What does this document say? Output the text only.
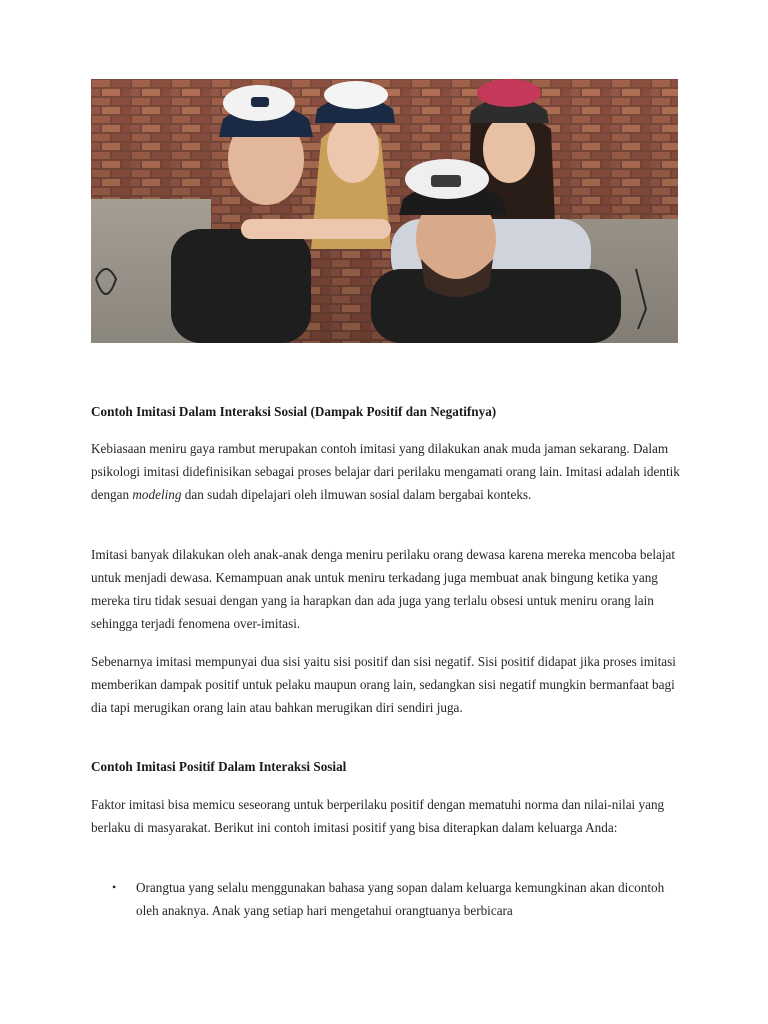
Contoh Imitasi Dalam Interaksi Sosial (Dampak Positif dan Negatifnya)

Kebiasaan meniru gaya rambut merupakan contoh imitasi yang dilakukan anak muda jaman sekarang. Dalam psikologi imitasi didefinisikan sebagai proses belajar dari perilaku mengamati orang lain. Imitasi adalah identik dengan modeling dan sudah dipelajari oleh ilmuwan sosial dalam bergabai konteks.

Imitasi banyak dilakukan oleh anak-anak denga meniru perilaku orang dewasa karena mereka mencoba belajat untuk menjadi dewasa. Kemampuan anak untuk meniru terkadang juga membuat anak bingung ketika yang mereka tiru tidak sesuai dengan yang ia harapkan dan ada juga yang terlalu obsesi untuk meniru orang lain sehingga terjadi fenomena over-imitasi.

Sebenarnya imitasi mempunyai dua sisi yaitu sisi positif dan sisi negatif. Sisi positif didapat jika proses imitasi memberikan dampak positif untuk pelaku maupun orang lain, sedangkan sisi negatif mungkin bermanfaat bagi dia tapi merugikan orang lain atau bahkan merugikan diri sendiri juga.

Contoh Imitasi Positif Dalam Interaksi Sosial

Faktor imitasi bisa memicu seseorang untuk berperilaku positif dengan mematuhi norma dan nilai-nilai yang berlaku di masyarakat. Berikut ini contoh imitasi positif yang bisa diterapkan dalam keluarga Anda:

• Orangtua yang selalu menggunakan bahasa yang sopan dalam keluarga kemungkinan akan dicontoh oleh anaknya. Anak yang setiap hari mengetahui orangtuanya berbicara
